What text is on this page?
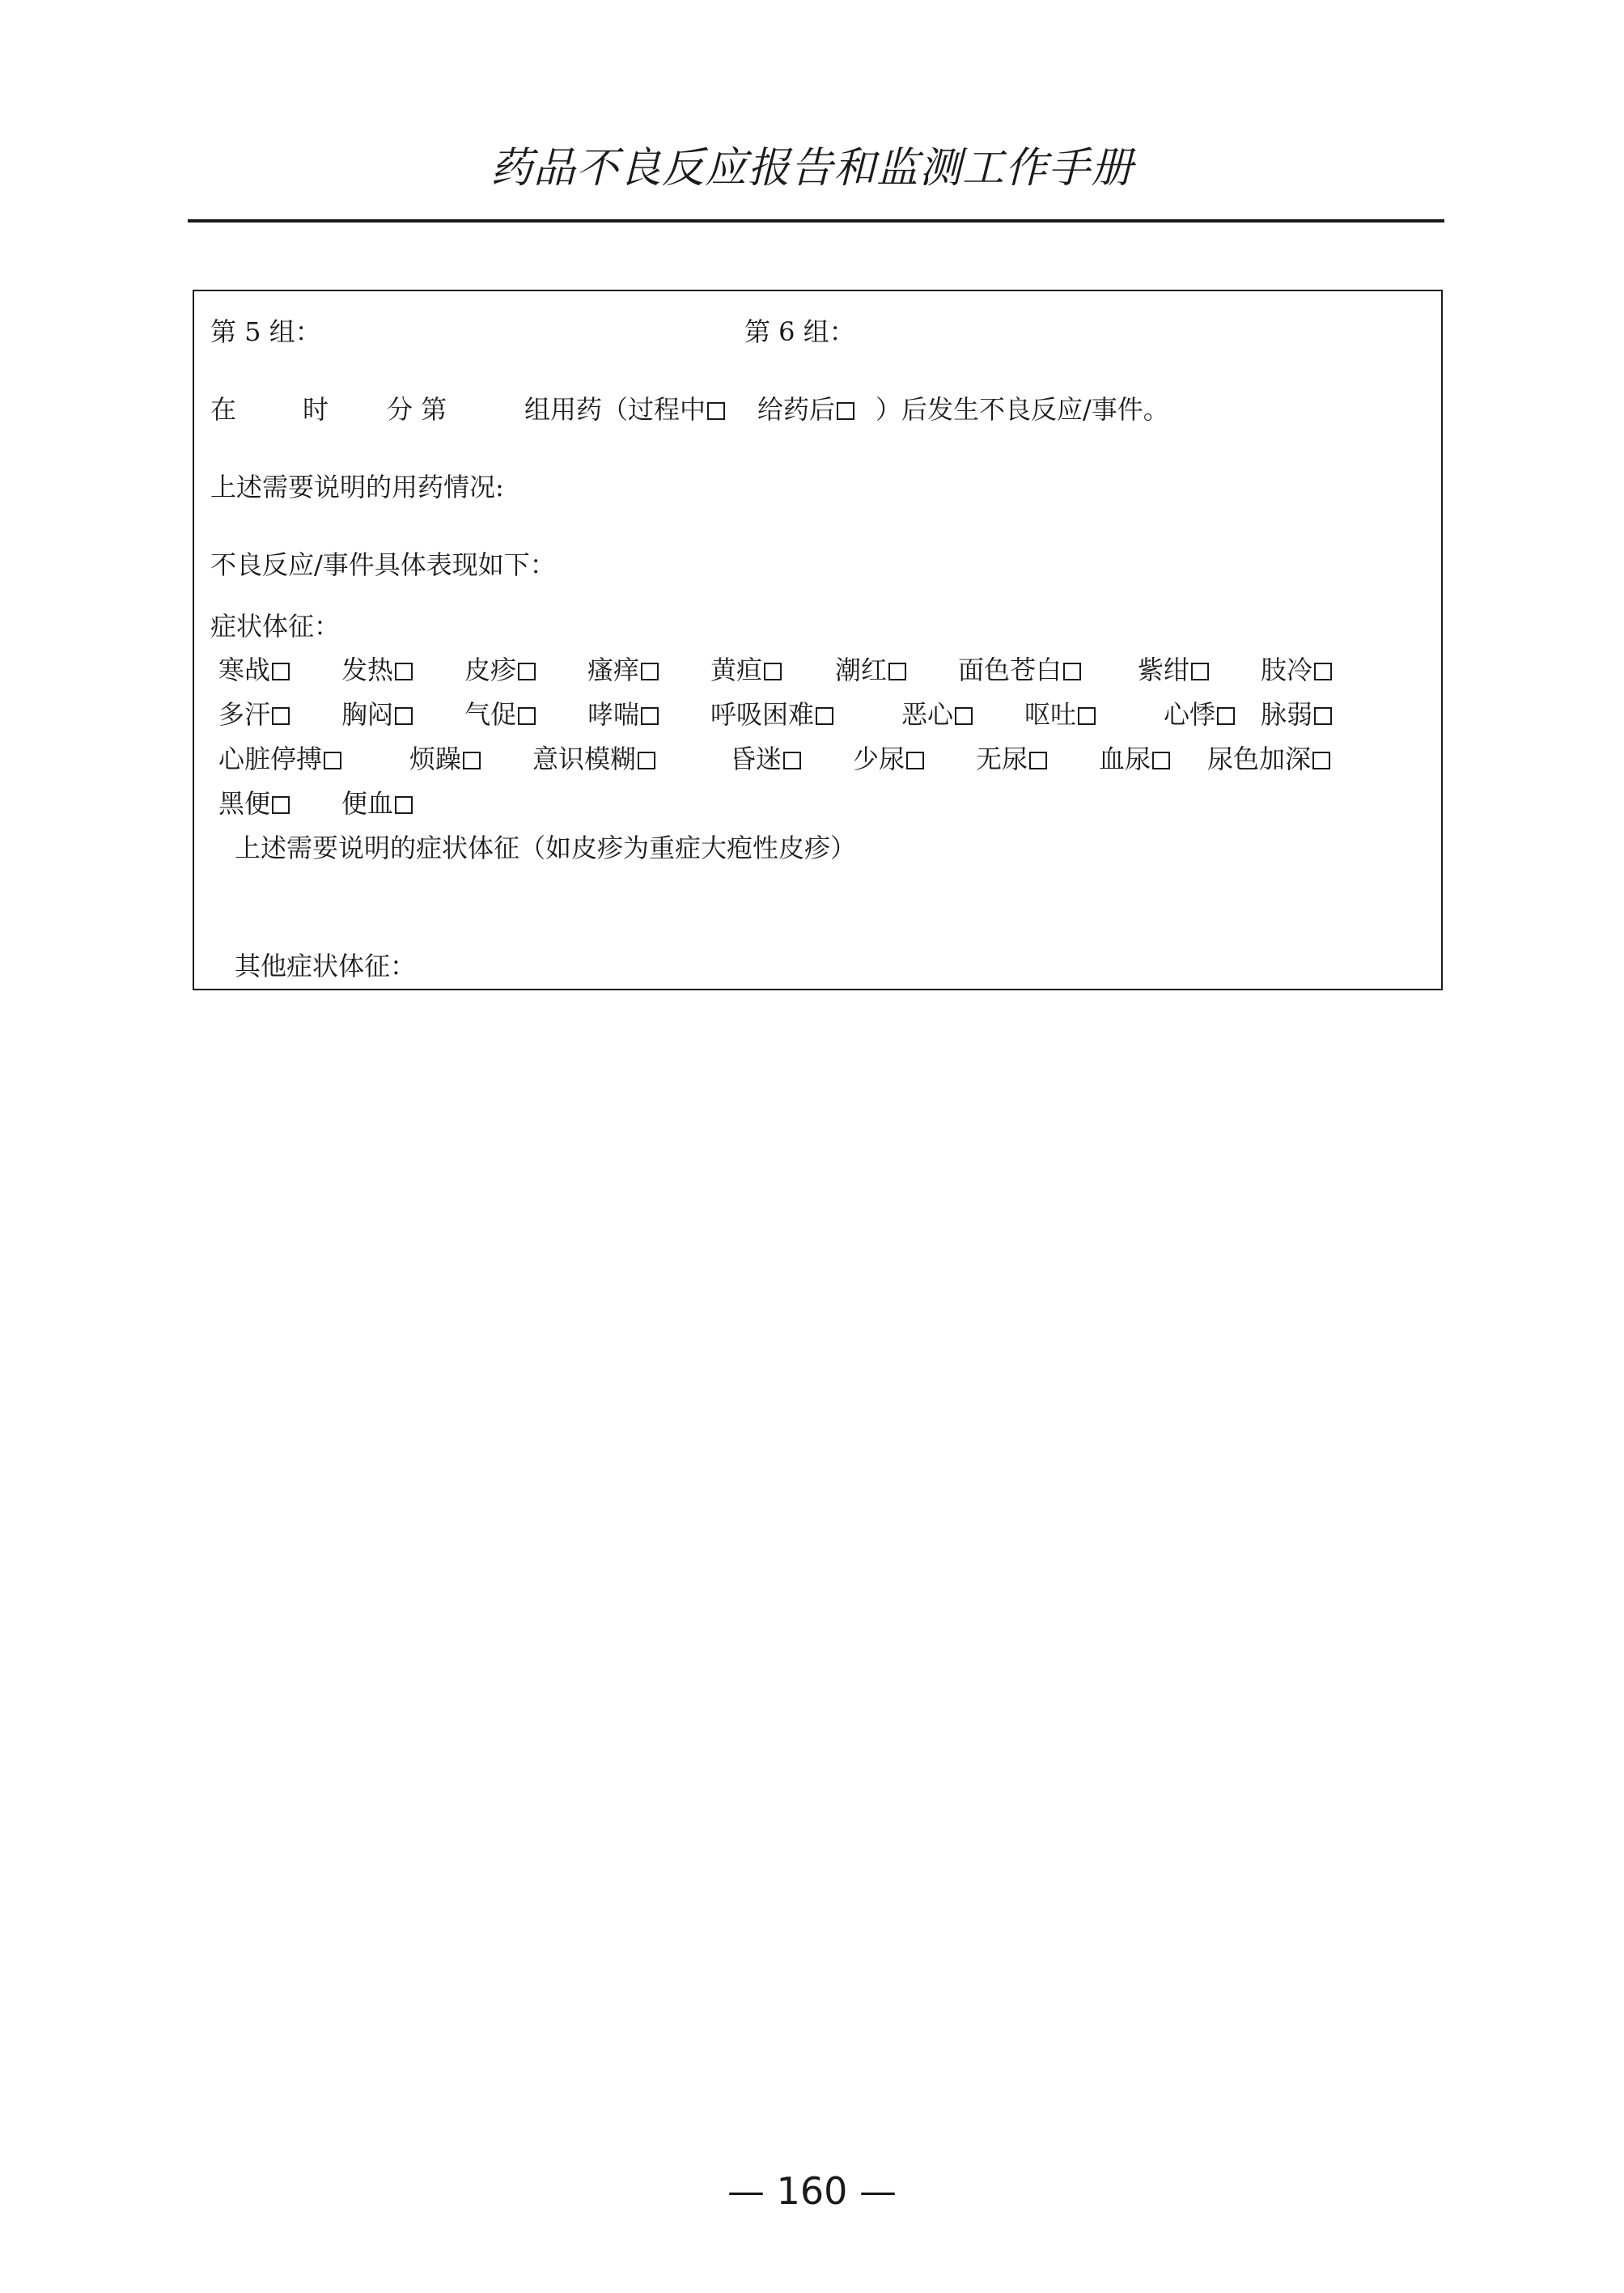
药品不良反应报告和监测工作手册
第 5 组：	第 6 组：
在	时 分 第	组用药（过程中	给药后	）后发生不良反应/事件。
上述需要说明的用药情况:
不良反应/事件具体表现如下：
症状体征：
寒战	发热	皮疹	瘙痒	黄疸	潮红	面色苍白	紫绀	肢冷
多汗	胸闷	气促	哮喘	呼吸困难	恶心	呕吐	心悸	脉弱
心脏停搏	烦躁	意识模糊	昏迷	少尿	无尿	血尿	尿色加深
黑便	便血
上述需要说明的症状体征（如皮疹为重症大疱性皮疹）
其他症状体征：
— 160 —
